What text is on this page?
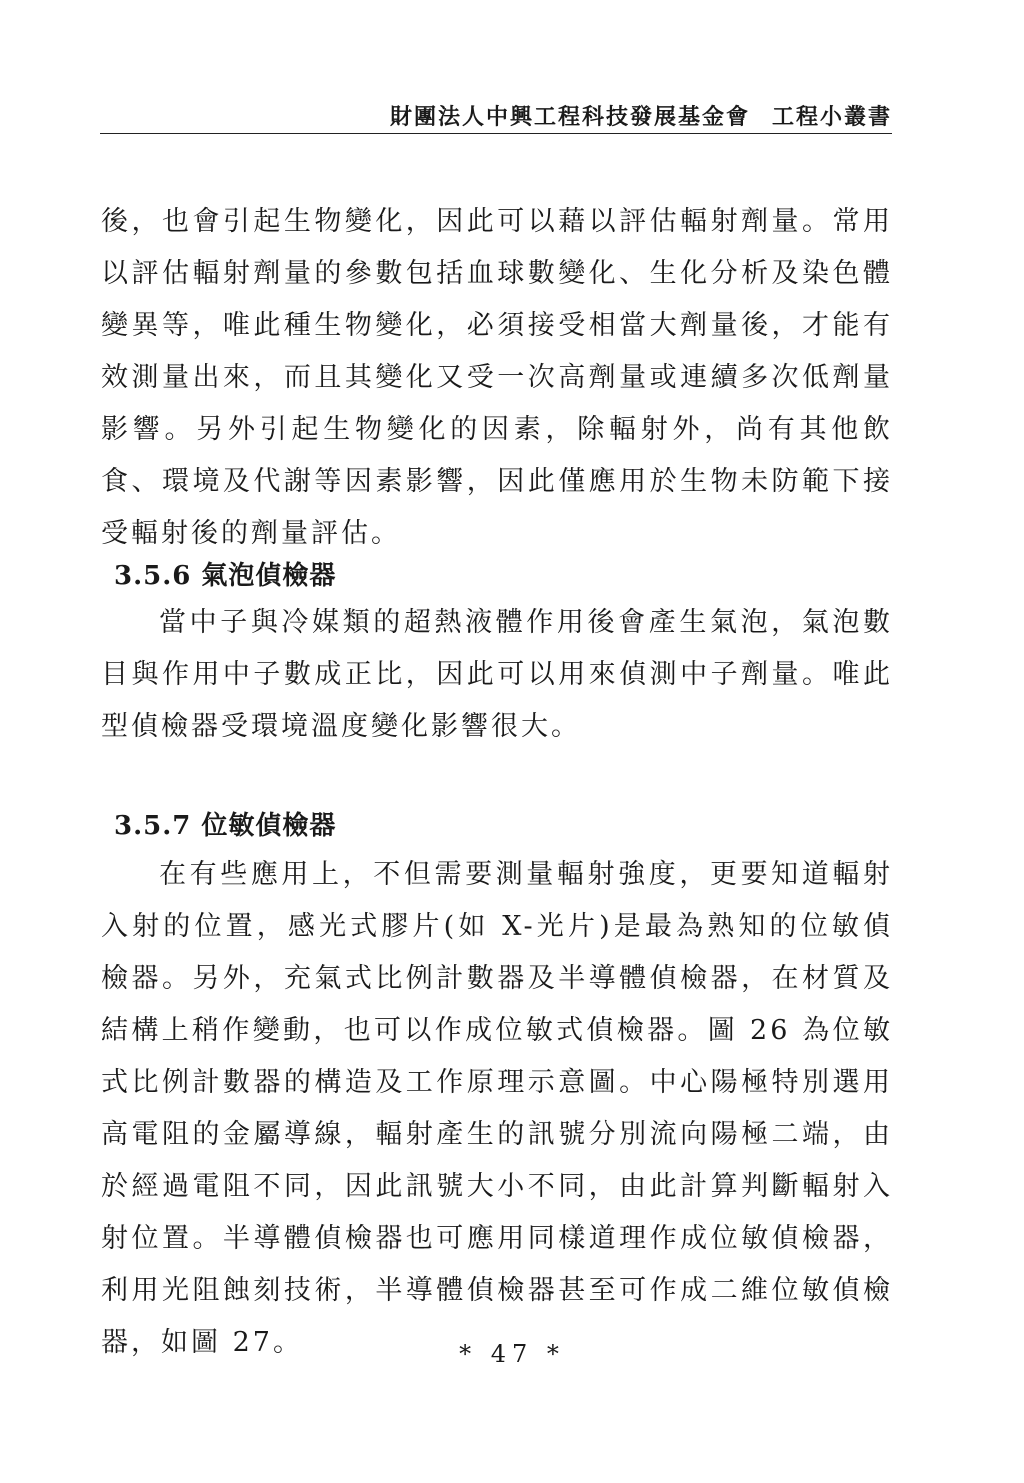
財團法人中興工程科技發展基金會 工程小叢書

後，也會引起生物變化，因此可以藉以評估輻射劑量。常用以評估輻射劑量的參數包括血球數變化、生化分析及染色體變異等，唯此種生物變化，必須接受相當大劑量後，才能有效測量出來，而且其變化又受一次高劑量或連續多次低劑量影響。另外引起生物變化的因素，除輻射外，尚有其他飲食、環境及代謝等因素影響，因此僅應用於生物未防範下接受輻射後的劑量評估。

3.5.6 氣泡偵檢器

當中子與冷媒類的超熱液體作用後會產生氣泡，氣泡數目與作用中子數成正比，因此可以用來偵測中子劑量。唯此型偵檢器受環境溫度變化影響很大。

3.5.7 位敏偵檢器

在有些應用上，不但需要測量輻射強度，更要知道輻射入射的位置，感光式膠片(如 X-光片)是最為熟知的位敏偵檢器。另外，充氣式比例計數器及半導體偵檢器，在材質及結構上稍作變動，也可以作成位敏式偵檢器。圖 26 為位敏式比例計數器的構造及工作原理示意圖。中心陽極特別選用高電阻的金屬導線，輻射產生的訊號分別流向陽極二端，由於經過電阻不同，因此訊號大小不同，由此計算判斷輻射入射位置。半導體偵檢器也可應用同樣道理作成位敏偵檢器，利用光阻蝕刻技術，半導體偵檢器甚至可作成二維位敏偵檢器，如圖 27。	* 47 *
